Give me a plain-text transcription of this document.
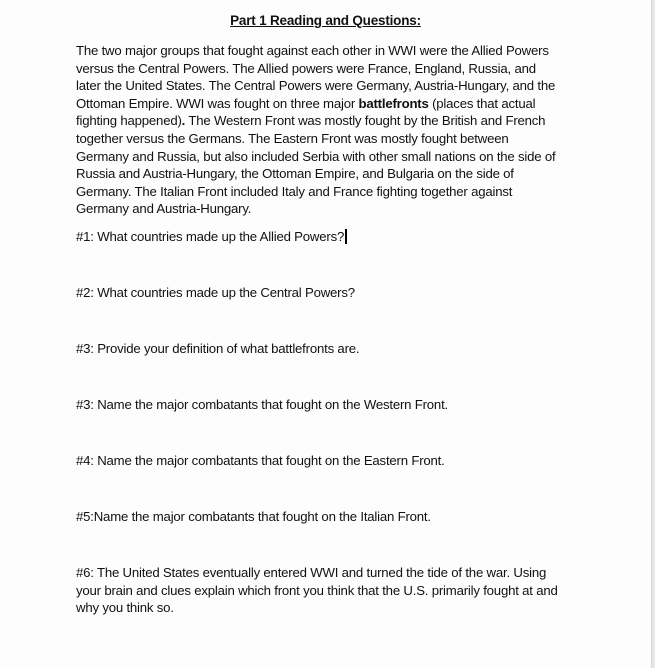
Part 1 Reading and Questions:
The two major groups that fought against each other in WWI were the Allied Powers
versus the Central Powers. The Allied powers were France, England, Russia, and
later the United States. The Central Powers were Germany, Austria-Hungary, and the
Ottoman Empire. WWI was fought on three major battlefronts (places that actual
fighting happened). The Western Front was mostly fought by the British and French
together versus the Germans. The Eastern Front was mostly fought between
Germany and Russia, but also included Serbia with other small nations on the side of
Russia and Austria-Hungary, the Ottoman Empire, and Bulgaria on the side of
Germany. The Italian Front included Italy and France fighting together against
Germany and Austria-Hungary.
#1: What countries made up the Allied Powers?
#2: What countries made up the Central Powers?
#3: Provide your definition of what battlefronts are.
#3: Name the major combatants that fought on the Western Front.
#4: Name the major combatants that fought on the Eastern Front.
#5:Name the major combatants that fought on the Italian Front.
#6: The United States eventually entered WWI and turned the tide of the war. Using
your brain and clues explain which front you think that the U.S. primarily fought at and
why you think so.
